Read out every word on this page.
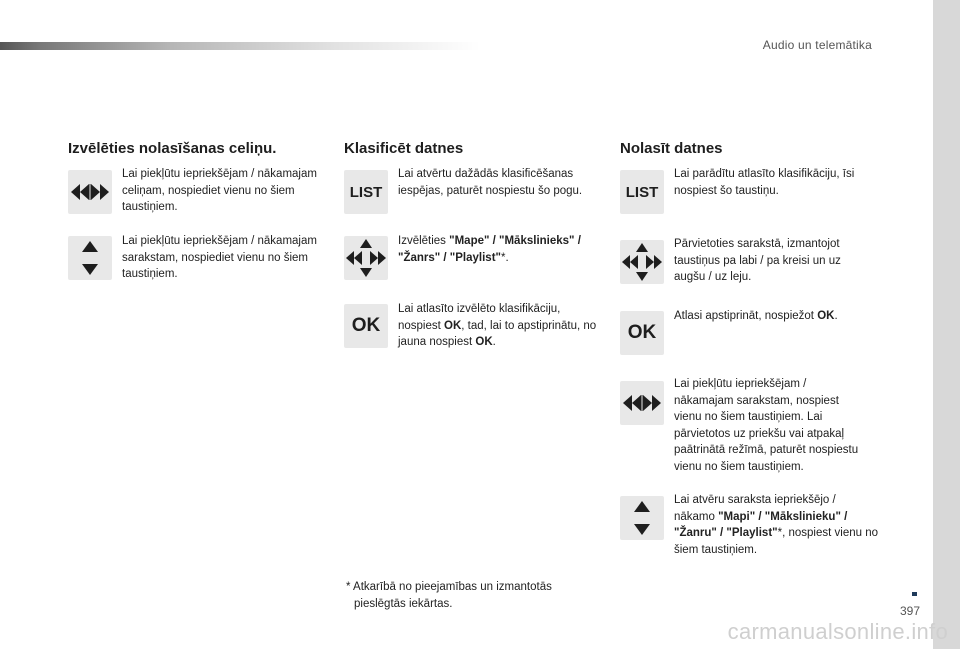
Audio un telemātika
Izvēlēties nolasīšanas celiņu.
Lai piekļūtu iepriekšējam / nākamajam celiņam, nospiediet vienu no šiem taustiņiem.
Lai piekļūtu iepriekšējam / nākamajam sarakstam, nospiediet vienu no šiem taustiņiem.
Klasificēt datnes
LIST
Lai atvērtu dažādās klasificēšanas iespējas, paturēt nospiestu šo pogu.
Izvēlēties "Mape" / "Mākslinieks" / "Žanrs" / "Playlist"*.
OK
Lai atlasīto izvēlēto klasifikāciju, nospiest OK, tad, lai to apstiprinātu, no jauna nospiest OK.
Nolasīt datnes
LIST
Lai parādītu atlasīto klasifikāciju, īsi nospiest šo taustiņu.
Pārvietoties sarakstā, izmantojot taustiņus pa labi / pa kreisi un uz augšu / uz leju.
OK
Atlasi apstiprināt, nospiežot OK.
Lai piekļūtu iepriekšējam / nākamajam sarakstam, nospiest vienu no šiem taustiņiem. Lai pārvietotos uz priekšu vai atpakaļ paātrinātā režīmā, paturēt nospiestu vienu no šiem taustiņiem.
Lai atvēru saraksta iepriekšējo / nākamo "Mapi" / "Mākslinieku" / "Žanru" / "Playlist"*, nospiest vienu no šiem taustiņiem.
* Atkarībā no pieejamības un izmantotās
pieslēgtās iekārtas.
397
carmanualsonline.info
